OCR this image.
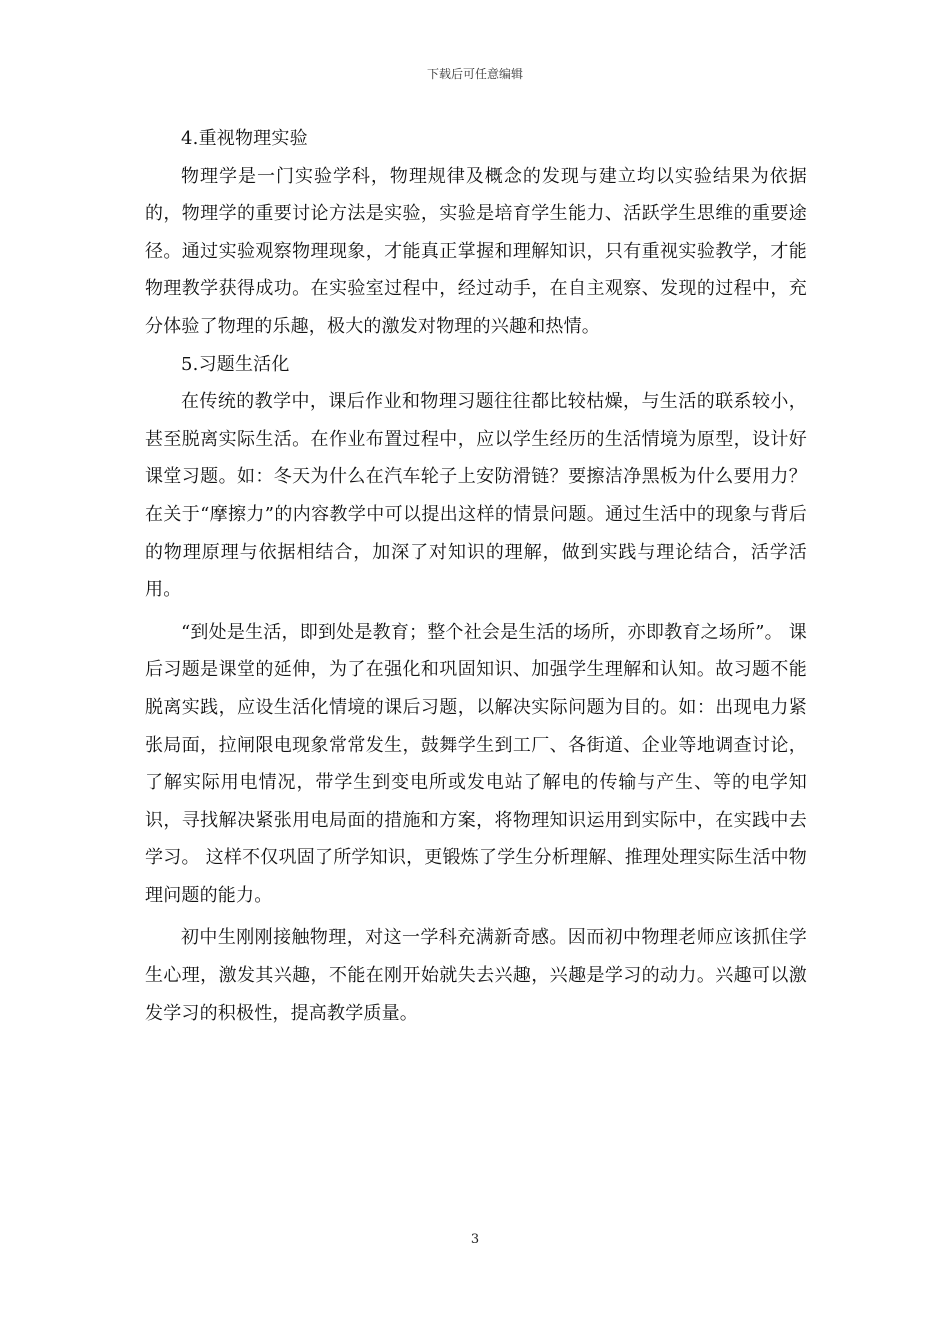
下载后可任意编辑

4.重视物理实验

物理学是一门实验学科，物理规律及概念的发现与建立均以实验结果为依据的，物理学的重要讨论方法是实验，实验是培育学生能力、活跃学生思维的重要途径。通过实验观察物理现象，才能真正掌握和理解知识，只有重视实验教学，才能物理教学获得成功。在实验室过程中，经过动手，在自主观察、发现的过程中，充分体验了物理的乐趣，极大的激发对物理的兴趣和热情。

5.习题生活化

在传统的教学中，课后作业和物理习题往往都比较枯燥，与生活的联系较小，甚至脱离实际生活。在作业布置过程中，应以学生经历的生活情境为原型，设计好课堂习题。如：冬天为什么在汽车轮子上安防滑链？要擦洁净黑板为什么要用力？在关于“摩擦力”的内容教学中可以提出这样的情景问题。通过生活中的现象与背后的物理原理与依据相结合，加深了对知识的理解，做到实践与理论结合，活学活用。

“到处是生活，即到处是教育；整个社会是生活的场所，亦即教育之场所”。 课后习题是课堂的延伸，为了在强化和巩固知识、加强学生理解和认知。故习题不能脱离实践，应设生活化情境的课后习题，以解决实际问题为目的。如：出现电力紧张局面，拉闸限电现象常常发生，鼓舞学生到工厂、各街道、企业等地调查讨论，了解实际用电情况，带学生到变电所或发电站了解电的传输与产生、等的电学知识，寻找解决紧张用电局面的措施和方案，将物理知识运用到实际中，在实践中去学习。 这样不仅巩固了所学知识，更锻炼了学生分析理解、推理处理实际生活中物理问题的能力。

初中生刚刚接触物理，对这一学科充满新奇感。因而初中物理老师应该抓住学生心理，激发其兴趣，不能在刚开始就失去兴趣，兴趣是学习的动力。兴趣可以激发学习的积极性，提高教学质量。

3
